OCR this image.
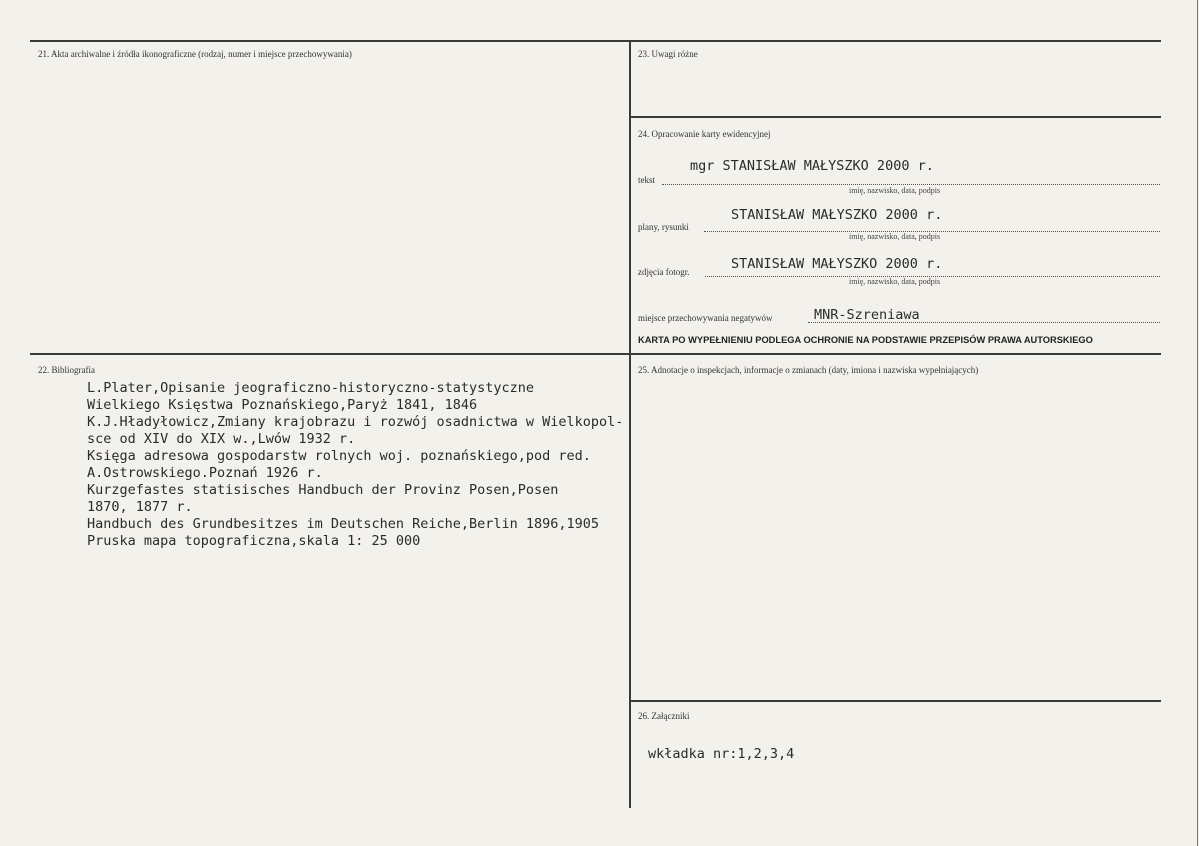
21. Akta archiwalne i źródła ikonograficzne (rodzaj, numer i miejsce przechowywania)	23. Uwagi różne
24. Opracowanie karty ewidencyjnej
tekst
mgr STANISŁAW MAŁYSZKO 2000 r.
imię, nazwisko, data, podpis
plany, rysunki
STANISŁAW MAŁYSZKO 2000 r.
imię, nazwisko, data, podpis
zdjęcia fotogr.	STANISŁAW MAŁYSZKO 2000 r.
imię, nazwisko, data, podpis
miejsce przechowywania negatywów	MNR-Szreniawa
KARTA PO WYPEŁNIENIU PODLEGA OCHRONIE NA PODSTAWIE PRZEPISÓW PRAWA AUTORSKIEGO
22. Bibliografia
L.Plater,Opisanie jeograficzno-historyczno-statystyczne
Wielkiego Księstwa Poznańskiego,Paryż 1841, 1846
K.J.Hładyłowicz,Zmiany krajobrazu i rozwój osadnictwa w Wielkopol-
sce od XIV do XIX w.,Lwów 1932 r.
Księga adresowa gospodarstw rolnych woj. poznańskiego,pod red.
A.Ostrowskiego.Poznań 1926 r.
Kurzgefastes statisisches Handbuch der Provinz Posen,Posen
1870, 1877 r.
Handbuch des Grundbesitzes im Deutschen Reiche,Berlin 1896,1905
Pruska mapa topograficzna,skala 1: 25 000
25. Adnotacje o inspekcjach, informacje o zmianach (daty, imiona i nazwiska wypełniających)
26. Załączniki
wkładka nr:1,2,3,4
